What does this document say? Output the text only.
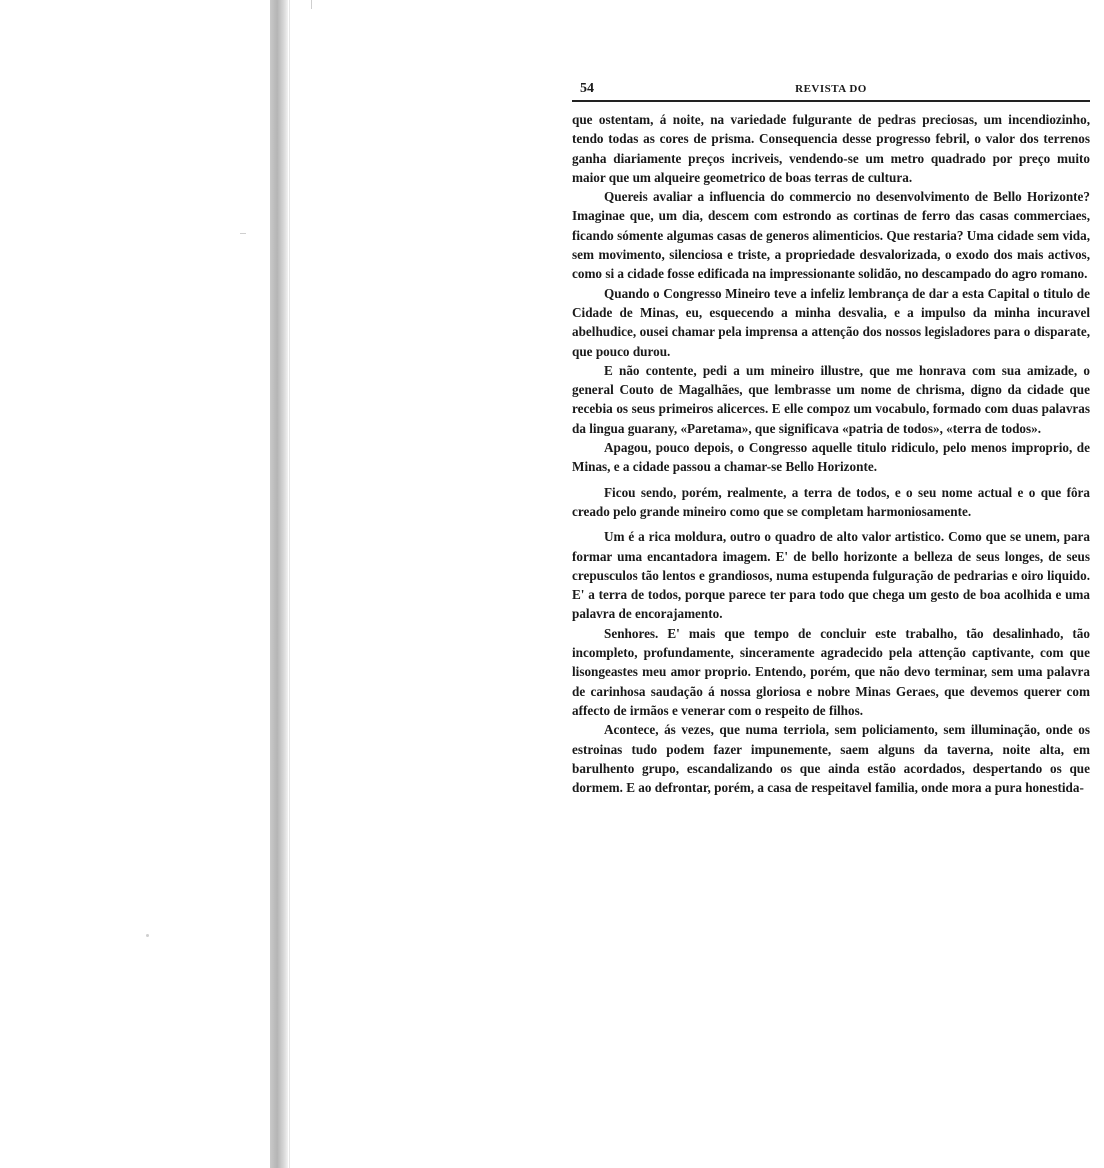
54	REVISTA DO

que ostentam, á noite, na variedade fulgurante de pedras preciosas, um incendiozinho, tendo todas as cores de prisma. Consequencia desse progresso febril, o valor dos terrenos ganha diariamente preços incriveis, vendendo-se um metro quadrado por preço muito maior que um alqueire geometrico de boas terras de cultura.

Quereis avaliar a influencia do commercio no desenvolvimento de Bello Horizonte? Imaginae que, um dia, descem com estrondo as cortinas de ferro das casas commerciaes, ficando sómente algumas casas de generos alimenticios. Que restaria? Uma cidade sem vida, sem movimento, silenciosa e triste, a propriedade desvalorizada, o exodo dos mais activos, como si a cidade fosse edificada na impressionante solidão, no descampado do agro romano.

Quando o Congresso Mineiro teve a infeliz lembrança de dar a esta Capital o titulo de Cidade de Minas, eu, esquecendo a minha desvalia, e a impulso da minha incuravel abelhudice, ousei chamar pela imprensa a attenção dos nossos legisladores para o disparate, que pouco durou.

E não contente, pedi a um mineiro illustre, que me honrava com sua amizade, o general Couto de Magalhães, que lembrasse um nome de chrisma, digno da cidade que recebia os seus primeiros alicerces. E elle compoz um vocabulo, formado com duas palavras da lingua guarany, «Paretama», que significava «patria de todos», «terra de todos».

Apagou, pouco depois, o Congresso aquelle titulo ridiculo, pelo menos improprio, de Minas, e a cidade passou a chamar-se Bello Horizonte.

Ficou sendo, porém, realmente, a terra de todos, e o seu nome actual e o que fôra creado pelo grande mineiro como que se completam harmoniosamente.

Um é a rica moldura, outro o quadro de alto valor artistico. Como que se unem, para formar uma encantadora imagem. E' de bello horizonte a belleza de seus longes, de seus crepusculos tão lentos e grandiosos, numa estupenda fulguração de pedrarias e oiro liquido. E' a terra de todos, porque parece ter para todo que chega um gesto de boa acolhida e uma palavra de encorajamento.

Senhores. E' mais que tempo de concluir este trabalho, tão desalinhado, tão incompleto, profundamente, sinceramente agradecido pela attenção captivante, com que lisongeastes meu amor proprio. Entendo, porém, que não devo terminar, sem uma palavra de carinhosa saudação á nossa gloriosa e nobre Minas Geraes, que devemos querer com affecto de irmãos e venerar com o respeito de filhos.

Acontece, ás vezes, que numa terriola, sem policiamento, sem illuminação, onde os estroinas tudo podem fazer impunemente, saem alguns da taverna, noite alta, em barulhento grupo, escandalizando os que ainda estão acordados, despertando os que dormem. E ao defrontar, porém, a casa de respeitavel familia, onde mora a pura honestida-
